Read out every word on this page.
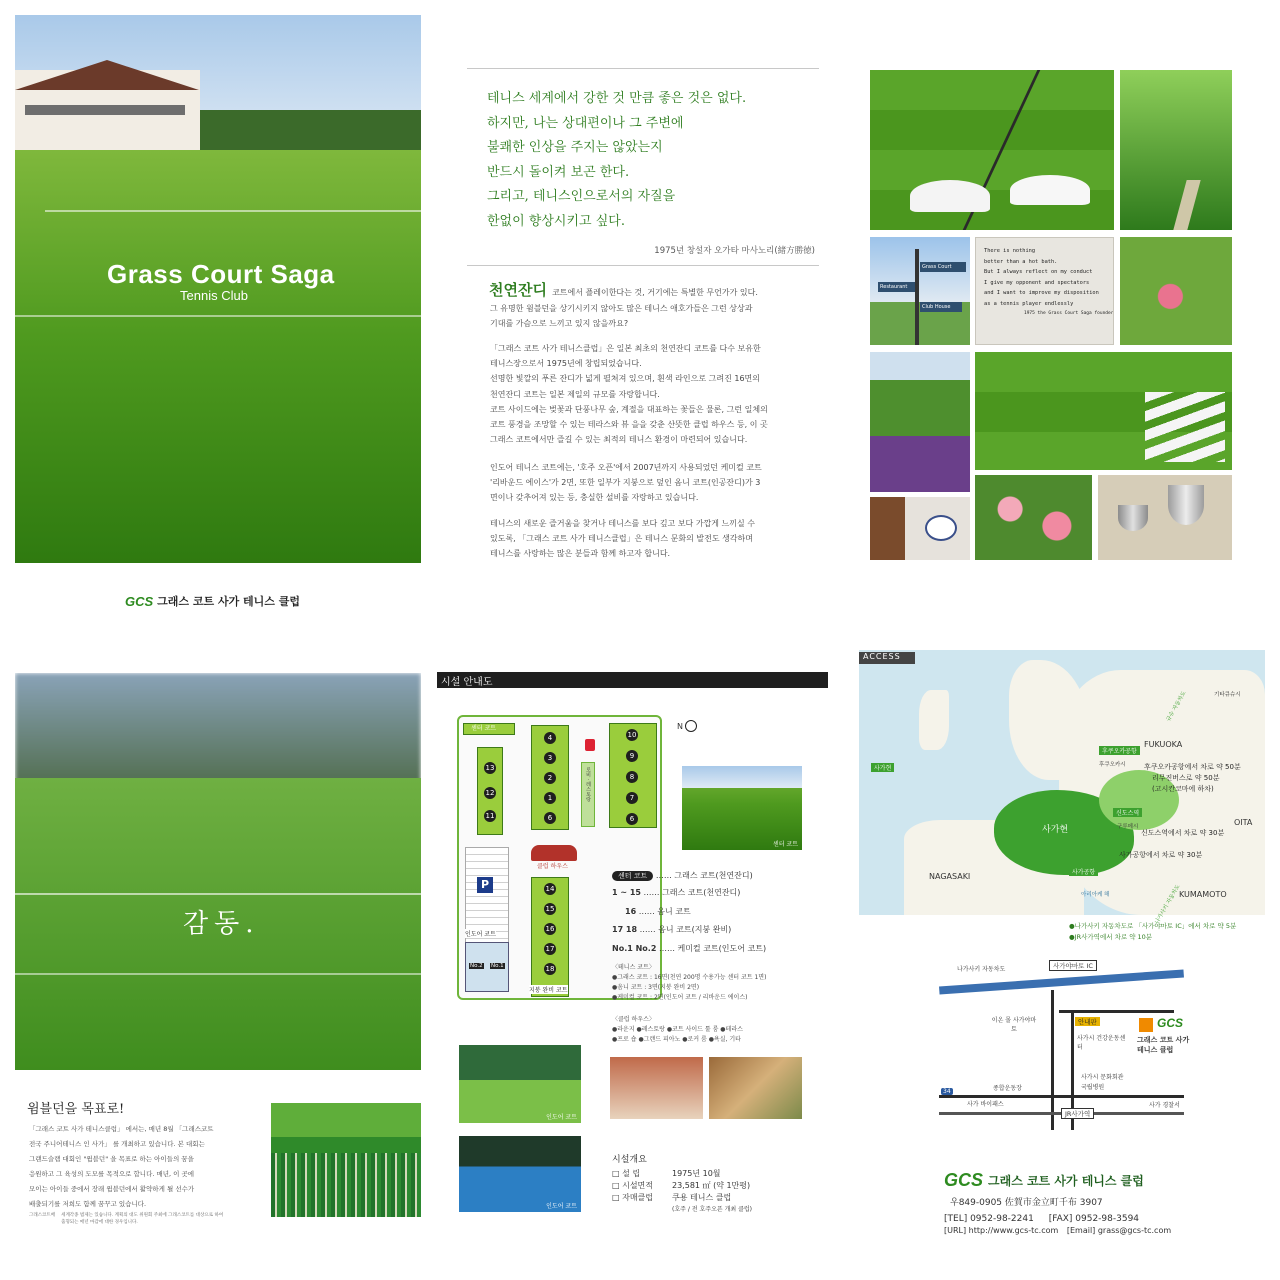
Grass Court Saga
Tennis Club
GCS 그래스 코트 사가 테니스 클럽
테니스 세계에서 강한 것 만큼 좋은 것은 없다.
하지만, 나는 상대편이나 그 주변에
불쾌한 인상을 주지는 않았는지
반드시 돌이켜 보곤 한다.
그리고, 테니스인으로서의 자질을
한없이 향상시키고 싶다.
1975년 창설자 오가타 마사노리(緒方勝徳)
천연잔디 코트에서 플레이한다는 것, 거기에는 특별한 무언가가 있다.
그 유명한 윔블던을 상기시키지 않아도 많은 테니스 애호가들은 그런 상상과
기대를 가슴으로 느끼고 있지 않을까요?
「그래스 코트 사가 테니스클럽」은 일본 최초의 천연잔디 코트를 다수 보유한
테니스장으로서 1975년에 창립되었습니다.
선명한 빛깔의 푸른 잔디가 넓게 펼쳐져 있으며, 흰색 라인으로 그려진 16면의
천연잔디 코트는 일본 제일의 규모를 자랑합니다.
코트 사이드에는 벚꽃과 단풍나무 숲, 계절을 대표하는 꽃들은 물론, 그런 일체의
코트 풍경을 조망할 수 있는 테라스와 뷰 을을 갖춘 산뜻한 클럽 하우스 등, 이 곳
그래스 코트에서만 즐길 수 있는 최적의 테니스 환경이 마련되어 있습니다.
인도어 테니스 코트에는, '호주 오픈'에서 2007년까지 사용되었던 케미컬 코트
'리바운드 에이스'가 2면, 또한 일부가 지붕으로 덮인 옴니 코트(인공잔디)가 3
면이나 갖추어져 있는 등, 충실한 설비를 자랑하고 있습니다.
테니스의 새로운 즐거움을 찾거나 테니스를 보다 깊고 보다 가깝게 느끼실 수
있도록, 「그래스 코트 사가 테니스클럽」은 테니스 문화의 발전도 생각하며
테니스를 사랑하는 많은 분들과 함께 하고자 합니다.
Grass Court
Restaurant
Club House
There is nothing
better than a hot bath.
But I always reflect on my conduct
I give my opponent and spectators
and I want to improve my disposition
as a tennis player endlessly
1975 the Grass Court Saga founder
감동.
윔블던을 목표로!
「그래스 코트 사가 테니스클럽」 에서는, 매년 8월 「그래스코트
전국 주니어테니스 인 사가」 를 개최하고 있습니다. 본 대회는
그랜드슬램 대회인 "윔블던" 을 목표로 하는 아이들의 꿈을
응원하고 그 육성의 도모를 목적으로 합니다. 매년, 이 곳에
모이는 아이들 중에서 장래 윔블던에서 활약하게 될 선수가
배출되기를 저희도 함께 꿈꾸고 있습니다.
그래스코트배 세계각종 법제는 있습니다. 계획의 대도 위원회 주최에 그래스코트를 대상으로 하여
출형되는 매년 마감에 대한 경우입니다.
시설 안내도
센터 코트
13
12
11
4
3
2
1
6
로비 · 레스토랑
10
9
8
7
6
클럽 하우스
P	14
15
16
17
18
지붕 완비 코트
No.2 No.1
인도어 코트
N
센터 코트
센터 코트 …… 그래스 코트(천연잔디)
1 ~ 15 …… 그래스 코트(천연잔디)
16 …… 옴니 코트
17 18 …… 옴니 코트(지붕 완비)
No.1 No.2 …… 케미컬 코트(인도어 코트)
〈테니스 코트〉
●그래스 코트 : 16면(천연 200명 수용가능 센터 코트 1면)
●옴니 코트 : 3면(지붕 완비 2면)
●케미컬 코트 : 2면(인도어 코트 / 리바운드 에이스)
〈클럽 하우스〉
●라운지 ●레스토랑 ●코트 사이드 툴 룸 ●테라스
●프로 숍 ●그랜드 피아노 ●로커 룸 ●욕실, 기타
인도어 코트
인도어 코트
시설개요
□ 설 립	1975년 10월
□ 시설면적 23,581 ㎡ (약 1만평)
□ 자매클럽 쿠용 테니스 클럽
(호주 / 전 호주오픈 개최 클럽)
ACCESS
FUKUOKA
OITA
NAGASAKI
KUMAMOTO
사가현
사가현
기타큐슈시
규슈 자동차도
후쿠오카공항
후쿠오카시
신도스역
구루메시
사가공항
아리아케 해	나가사키 자동차도
후쿠오카공항에서 차로 약 50분
리무진버스로 약 50분
(고시칸코마에 하차)
신도스역에서 차로 약 30분
사가공항에서 차로 약 30분
●나가사키 자동차도로 「사가야마토 IC」에서 차로 약 5분
●JR사가역에서 차로 약 10분
나가사키 자동차도	사가야마토 IC
이온 몰 사가야마토
안내판
사가시 건강운동센터
사가시 문화회관
국립병원
종합운동장
사가 바이패스	사가 경찰서
JR사가역
34
GCS
그래스 코트 사가
테니스 클럽
GCS 그래스 코트 사가 테니스 클럽
우849-0905 佐賀市金立町千布 3907
[TEL] 0952-98-2241 [FAX] 0952-98-3594
[URL] http://www.gcs-tc.com [Email] grass@gcs-tc.com
